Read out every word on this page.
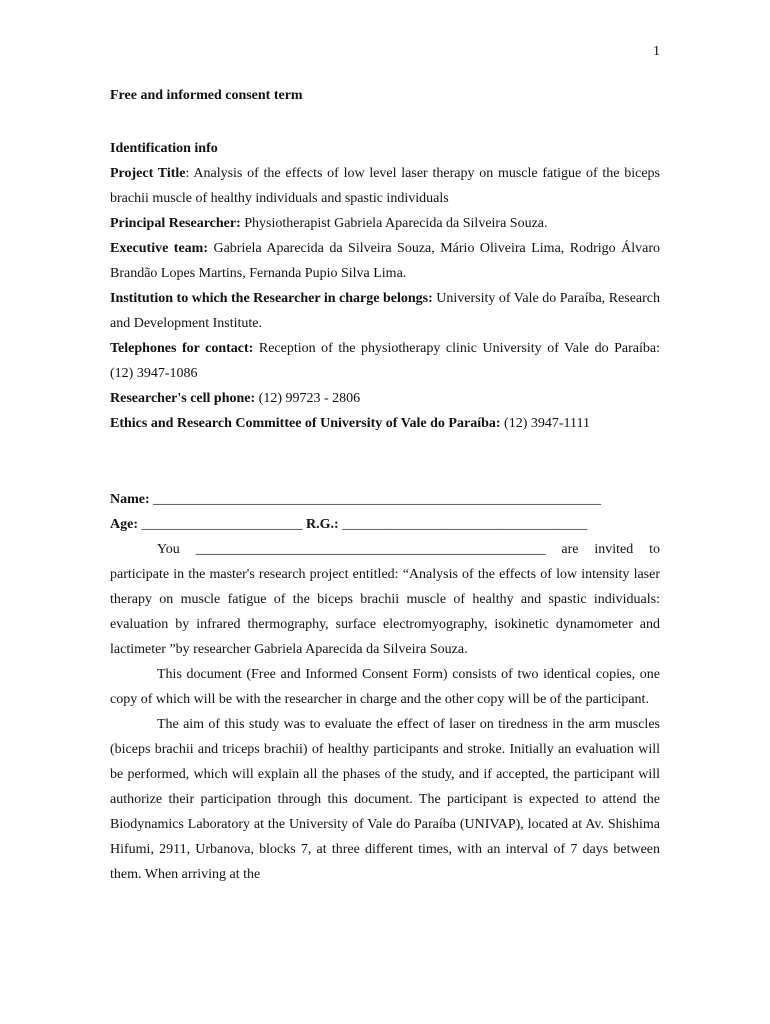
1

Free and informed consent term

Identification info

Project Title: Analysis of the effects of low level laser therapy on muscle fatigue of the biceps brachii muscle of healthy individuals and spastic individuals

Principal Researcher: Physiotherapist Gabriela Aparecida da Silveira Souza.

Executive team: Gabriela Aparecida da Silveira Souza, Mário Oliveira Lima, Rodrigo Álvaro Brandão Lopes Martins, Fernanda Pupio Silva Lima.

Institution to which the Researcher in charge belongs: University of Vale do Paraíba, Research and Development Institute.

Telephones for contact: Reception of the physiotherapy clinic University of Vale do Paraíba: (12) 3947-1086

Researcher's cell phone: (12) 99723 - 2806

Ethics and Research Committee of University of Vale do Paraíba: (12) 3947-1111

Name: ________________________________________________________________

Age: _______________________ R.G.: ___________________________________

You __________________________________________________ are invited to participate in the master's research project entitled: “Analysis of the effects of low intensity laser therapy on muscle fatigue of the biceps brachii muscle of healthy and spastic individuals: evaluation by infrared thermography, surface electromyography, isokinetic dynamometer and lactimeter ”by researcher Gabriela Aparecida da Silveira Souza.

This document (Free and Informed Consent Form) consists of two identical copies, one copy of which will be with the researcher in charge and the other copy will be of the participant.

The aim of this study was to evaluate the effect of laser on tiredness in the arm muscles (biceps brachii and triceps brachii) of healthy participants and stroke. Initially an evaluation will be performed, which will explain all the phases of the study, and if accepted, the participant will authorize their participation through this document. The participant is expected to attend the Biodynamics Laboratory at the University of Vale do Paraíba (UNIVAP), located at Av. Shishima Hifumi, 2911, Urbanova, blocks 7, at three different times, with an interval of 7 days between them. When arriving at the
